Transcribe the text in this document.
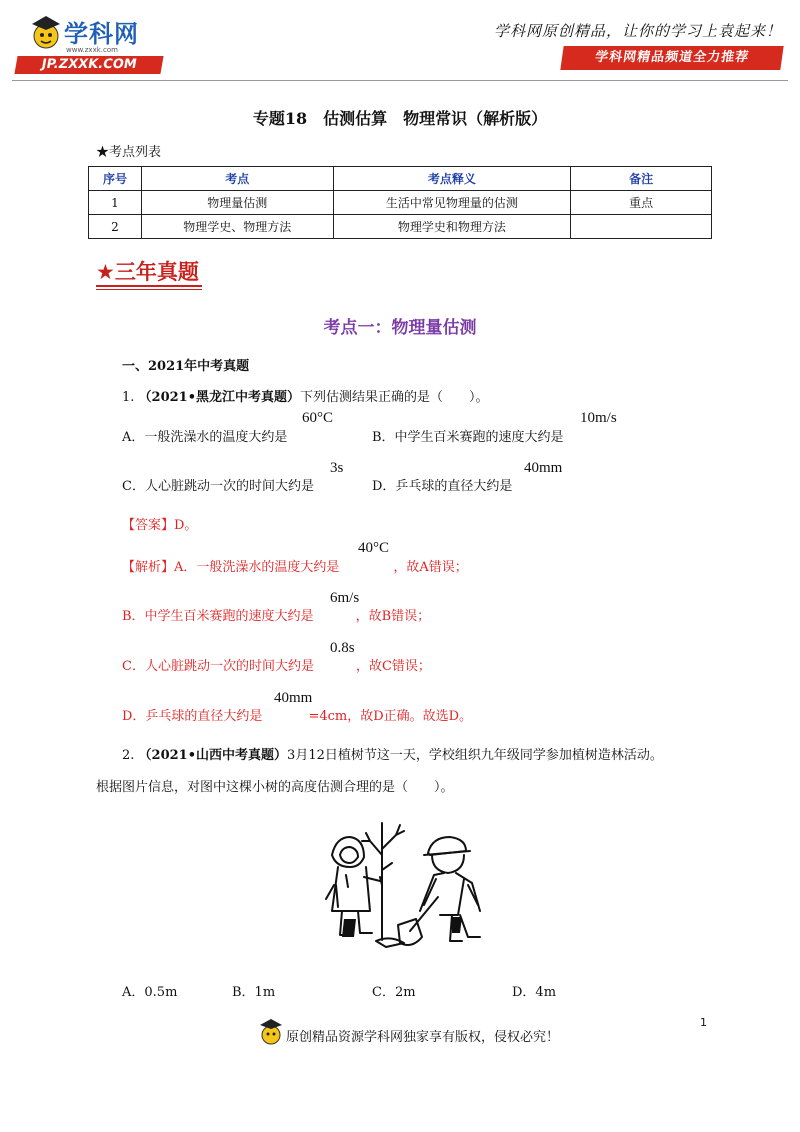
学科网
www.zxxk.com
JP.ZXXK.COM
学科网原创精品，让你的学习上袁起来！
学科网精品频道全力推荐
专题18　估测估算　物理常识（解析版）
★考点列表
序号	考点	考点释义	备注
1	物理量估测	生活中常见物理量的估测	重点
2	物理学史、物理方法	物理学史和物理方法	
★三年真题
考点一：物理量估测
一、2021年中考真题
1. （2021•黑龙江中考真题）下列估测结果正确的是（　　）。
A．一般洗澡水的温度大约是
60°C
B．中学生百米赛跑的速度大约是
10m/s
C．人心脏跳动一次的时间大约是
3s
D．乒乓球的直径大约是
40mm
【答案】D。
【解析】A．一般洗澡水的温度大约是	，故A错误；
40°C
B．中学生百米赛跑的速度大约是	，故B错误；
6m/s
C．人心脏跳动一次的时间大约是	，故C错误；
0.8s
D．乒乓球的直径大约是	=4cm，故D正确。故选D。
40mm
2. （2021•山西中考真题）3月12日植树节这一天，学校组织九年级同学参加植树造林活动。
根据图片信息，对图中这棵小树的高度估测合理的是（　　）。
A．0.5m	B．1m	C．2m	D．4m
1
原创精品资源学科网独家享有版权，侵权必究！
